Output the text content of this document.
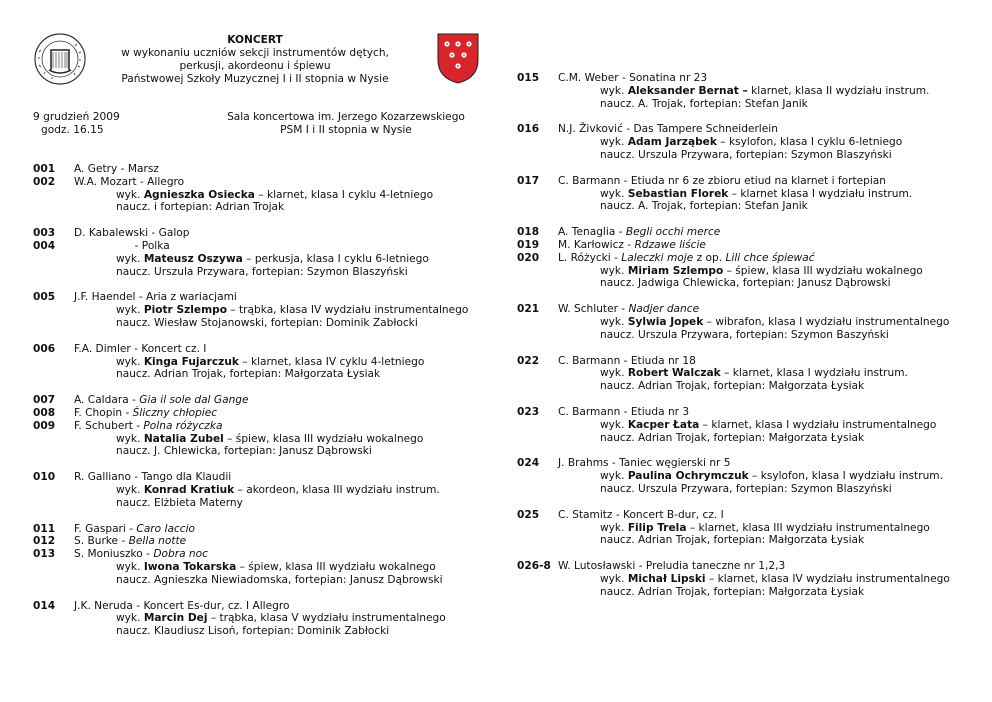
KONCERT
w wykonaniu uczniów sekcji instrumentów dętych,
perkusji, akordeonu i śpiewu
Państwowej Szkoły Muzycznej I i II stopnia w Nysie
9 grudzień 2009
godz. 16.15
Sala koncertowa im. Jerzego Kozarzewskiego
PSM I i II stopnia w Nysie
001 A. Getry - Marsz
002 W.A. Mozart - Allegro
wyk. Agnieszka Osiecka – klarnet, klasa I cyklu 4-letniego
naucz. i fortepian: Adrian Trojak
003 D. Kabalewski - Galop
004 - Polka
wyk. Mateusz Oszywa – perkusja, klasa I cyklu 6-letniego
naucz. Urszula Przywara, fortepian: Szymon Blaszyński
005 J.F. Haendel - Aria z wariacjami
wyk. Piotr Szlempo – trąbka, klasa IV wydziału instrumentalnego
naucz. Wiesław Stojanowski, fortepian: Dominik Zabłocki
006 F.A. Dimler - Koncert cz. I
wyk. Kinga Fujarczuk – klarnet, klasa IV cyklu 4-letniego
naucz. Adrian Trojak, fortepian: Małgorzata Łysiak
007 A. Caldara - Gia il sole dal Gange
008 F. Chopin - Śliczny chłopiec
009 F. Schubert - Polna różyczka
wyk. Natalia Zubel – śpiew, klasa III wydziału wokalnego
naucz. J. Chlewicka, fortepian: Janusz Dąbrowski
010 R. Galliano - Tango dla Klaudii
wyk. Konrad Kratiuk – akordeon, klasa III wydziału instrum.
naucz. Elżbieta Materny
011 F. Gaspari - Caro laccio
012 S. Burke - Bella notte
013 S. Moniuszko - Dobra noc
wyk. Iwona Tokarska – śpiew, klasa III wydziału wokalnego
naucz. Agnieszka Niewiadomska, fortepian: Janusz Dąbrowski
014 J.K. Neruda - Koncert Es-dur, cz. I Allegro
wyk. Marcin Dej – trąbka, klasa V wydziału instrumentalnego
naucz. Klaudiusz Lisoń, fortepian: Dominik Zabłocki
015 C.M. Weber - Sonatina nr 23
wyk. Aleksander Bernat – klarnet, klasa II wydziału instrum.
naucz. A. Trojak, fortepian: Stefan Janik
016 N.J. Živković - Das Tampere Schneiderlein
wyk. Adam Jarząbek – ksylofon, klasa I cyklu 6-letniego
naucz. Urszula Przywara, fortepian: Szymon Blaszyński
017 C. Barmann - Etiuda nr 6 ze zbioru etiud na klarnet i fortepian
wyk. Sebastian Florek – klarnet klasa I wydziału instrum.
naucz. A. Trojak, fortepian: Stefan Janik
018 A. Tenaglia - Begli occhi merce
019 M. Karłowicz - Rdzawe liście
020 L. Różycki - Laleczki moje z op. Lili chce śpiewać
wyk. Miriam Szlempo – śpiew, klasa III wydziału wokalnego
naucz. Jadwiga Chlewicka, fortepian: Janusz Dąbrowski
021 W. Schluter - Nadjer dance
wyk. Sylwia Jopek – wibrafon, klasa I wydziału instrumentalnego
naucz. Urszula Przywara, fortepian: Szymon Baszyński
022 C. Barmann - Etiuda nr 18
wyk. Robert Walczak – klarnet, klasa I wydziału instrum.
naucz. Adrian Trojak, fortepian: Małgorzata Łysiak
023 C. Barmann - Etiuda nr 3
wyk. Kacper Łata – klarnet, klasa I wydziału instrumentalnego
naucz. Adrian Trojak, fortepian: Małgorzata Łysiak
024 J. Brahms - Taniec węgierski nr 5
wyk. Paulina Ochrymczuk – ksylofon, klasa I wydziału instrum.
naucz. Urszula Przywara, fortepian: Szymon Blaszyński
025 C. Stamitz - Koncert B-dur, cz. I
wyk. Filip Trela – klarnet, klasa III wydziału instrumentalnego
naucz. Adrian Trojak, fortepian: Małgorzata Łysiak
026-8 W. Lutosławski - Preludia taneczne nr 1,2,3
wyk. Michał Lipski – klarnet, klasa IV wydziału instrumentalnego
naucz. Adrian Trojak, fortepian: Małgorzata Łysiak
